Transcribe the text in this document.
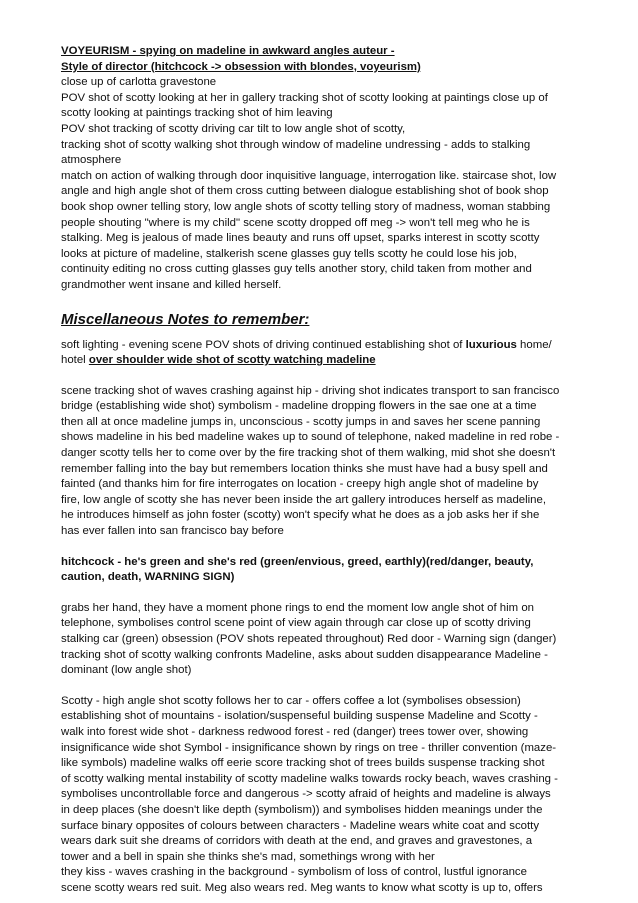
VOYEURISM - spying on madeline in awkward angles auteur -

Style of director (hitchcock -> obsession with blondes, voyeurism)

close up of carlotta gravestone
POV shot of scotty looking at her in gallery tracking shot of scotty looking at paintings close up of
scotty looking at paintings tracking shot of him leaving
POV shot tracking of scotty driving car tilt to low angle shot of scotty,
tracking shot of scotty walking shot through window of madeline undressing - adds to stalking
atmosphere
match on action of walking through door inquisitive language, interrogation like. staircase shot, low
angle and high angle shot of them cross cutting between dialogue establishing shot of book shop
book shop owner telling story, low angle shots of scotty telling story of madness, woman stabbing
people shouting "where is my child" scene scotty dropped off meg -> won't tell meg who he is
stalking. Meg is jealous of made lines beauty and runs off upset, sparks interest in scotty scotty
looks at picture of madeline, stalkerish scene glasses guy tells scotty he could lose his job,
continuity editing no cross cutting glasses guy tells another story, child taken from mother and
grandmother went insane and killed herself.

Miscellaneous Notes to remember:

soft lighting - evening scene POV shots of driving continued establishing shot of luxurious home/
hotel over shoulder wide shot of scotty watching madeline

scene tracking shot of waves crashing against hip - driving shot indicates transport to san francisco
bridge (establishing wide shot) symbolism - madeline dropping flowers in the sae one at a time
then all at once madeline jumps in, unconscious - scotty jumps in and saves her scene panning
shows madeline in his bed madeline wakes up to sound of telephone, naked madeline in red robe -
danger scotty tells her to come over by the fire tracking shot of them walking, mid shot she doesn't
remember falling into the bay but remembers location thinks she must have had a busy spell and
fainted (and thanks him for fire interrogates on location - creepy high angle shot of madeline by
fire, low angle of scotty she has never been inside the art gallery introduces herself as madeline,
he introduces himself as john foster (scotty) won't specify what he does as a job asks her if she
has ever fallen into san francisco bay before

hitchcock - he's green and she's red (green/envious, greed, earthly)(red/danger, beauty,
caution, death, WARNING SIGN)

grabs her hand, they have a moment phone rings to end the moment low angle shot of him on
telephone, symbolises control scene point of view again through car close up of scotty driving
stalking car (green) obsession (POV shots repeated throughout) Red door - Warning sign (danger)
tracking shot of scotty walking confronts Madeline, asks about sudden disappearance Madeline -
dominant (low angle shot)

Scotty - high angle shot scotty follows her to car - offers coffee a lot (symbolises obsession)
establishing shot of mountains - isolation/suspenseful building suspense Madeline and Scotty -
walk into forest wide shot - darkness redwood forest - red (danger) trees tower over, showing
insignificance wide shot Symbol - insignificance shown by rings on tree - thriller convention (maze-
like symbols) madeline walks off eerie score tracking shot of trees builds suspense tracking shot
of scotty walking mental instability of scotty madeline walks towards rocky beach, waves crashing -
symbolises uncontrollable force and dangerous -> scotty afraid of heights and madeline is always
in deep places (she doesn't like depth (symbolism)) and symbolises hidden meanings under the
surface binary opposites of colours between characters - Madeline wears white coat and scotty
wears dark suit she dreams of corridors with death at the end, and graves and gravestones, a
tower and a bell in spain she thinks she's mad, somethings wrong with her
they kiss - waves crashing in the background - symbolism of loss of control, lustful ignorance
scene scotty wears red suit. Meg also wears red. Meg wants to know what scotty is up to, offers
